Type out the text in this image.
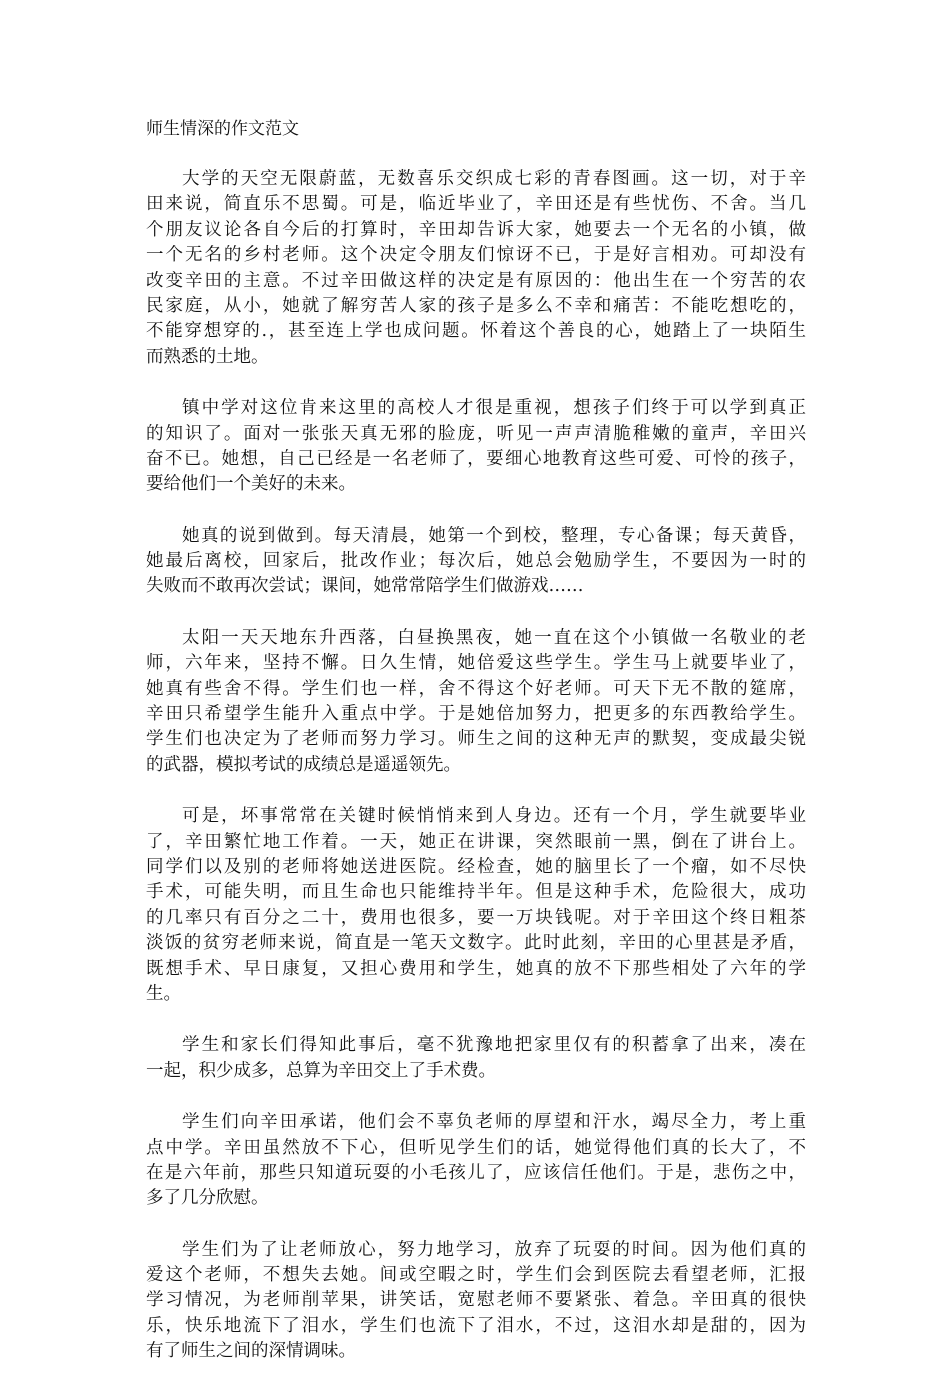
师生情深的作文范文
大学的天空无限蔚蓝，无数喜乐交织成七彩的青春图画。这一切，对于辛
田来说，简直乐不思蜀。可是，临近毕业了，辛田还是有些忧伤、不舍。当几
个朋友议论各自今后的打算时，辛田却告诉大家，她要去一个无名的小镇，做
一个无名的乡村老师。这个决定令朋友们惊讶不已，于是好言相劝。可却没有
改变辛田的主意。不过辛田做这样的决定是有原因的：他出生在一个穷苦的农
民家庭，从小，她就了解穷苦人家的孩子是多么不幸和痛苦：不能吃想吃的，
不能穿想穿的.，甚至连上学也成问题。怀着这个善良的心，她踏上了一块陌生
而熟悉的土地。
镇中学对这位肯来这里的高校人才很是重视，想孩子们终于可以学到真正
的知识了。面对一张张天真无邪的脸庞，听见一声声清脆稚嫩的童声，辛田兴
奋不已。她想，自己已经是一名老师了，要细心地教育这些可爱、可怜的孩子，
要给他们一个美好的未来。
她真的说到做到。每天清晨，她第一个到校，整理，专心备课；每天黄昏，
她最后离校，回家后，批改作业；每次后，她总会勉励学生，不要因为一时的
失败而不敢再次尝试；课间，她常常陪学生们做游戏……
太阳一天天地东升西落，白昼换黑夜，她一直在这个小镇做一名敬业的老
师，六年来，坚持不懈。日久生情，她倍爱这些学生。学生马上就要毕业了，
她真有些舍不得。学生们也一样，舍不得这个好老师。可天下无不散的筵席，
辛田只希望学生能升入重点中学。于是她倍加努力，把更多的东西教给学生。
学生们也决定为了老师而努力学习。师生之间的这种无声的默契，变成最尖锐
的武器，模拟考试的成绩总是遥遥领先。
可是，坏事常常在关键时候悄悄来到人身边。还有一个月，学生就要毕业
了，辛田繁忙地工作着。一天，她正在讲课，突然眼前一黑，倒在了讲台上。
同学们以及别的老师将她送进医院。经检查，她的脑里长了一个瘤，如不尽快
手术，可能失明，而且生命也只能维持半年。但是这种手术，危险很大，成功
的几率只有百分之二十，费用也很多，要一万块钱呢。对于辛田这个终日粗茶
淡饭的贫穷老师来说，简直是一笔天文数字。此时此刻，辛田的心里甚是矛盾，
既想手术、早日康复，又担心费用和学生，她真的放不下那些相处了六年的学
生。
学生和家长们得知此事后，毫不犹豫地把家里仅有的积蓄拿了出来，凑在
一起，积少成多，总算为辛田交上了手术费。
学生们向辛田承诺，他们会不辜负老师的厚望和汗水，竭尽全力，考上重
点中学。辛田虽然放不下心，但听见学生们的话，她觉得他们真的长大了，不
在是六年前，那些只知道玩耍的小毛孩儿了，应该信任他们。于是，悲伤之中，
多了几分欣慰。
学生们为了让老师放心，努力地学习，放弃了玩耍的时间。因为他们真的
爱这个老师，不想失去她。间或空暇之时，学生们会到医院去看望老师，汇报
学习情况，为老师削苹果，讲笑话，宽慰老师不要紧张、着急。辛田真的很快
乐，快乐地流下了泪水，学生们也流下了泪水，不过，这泪水却是甜的，因为
有了师生之间的深情调味。
